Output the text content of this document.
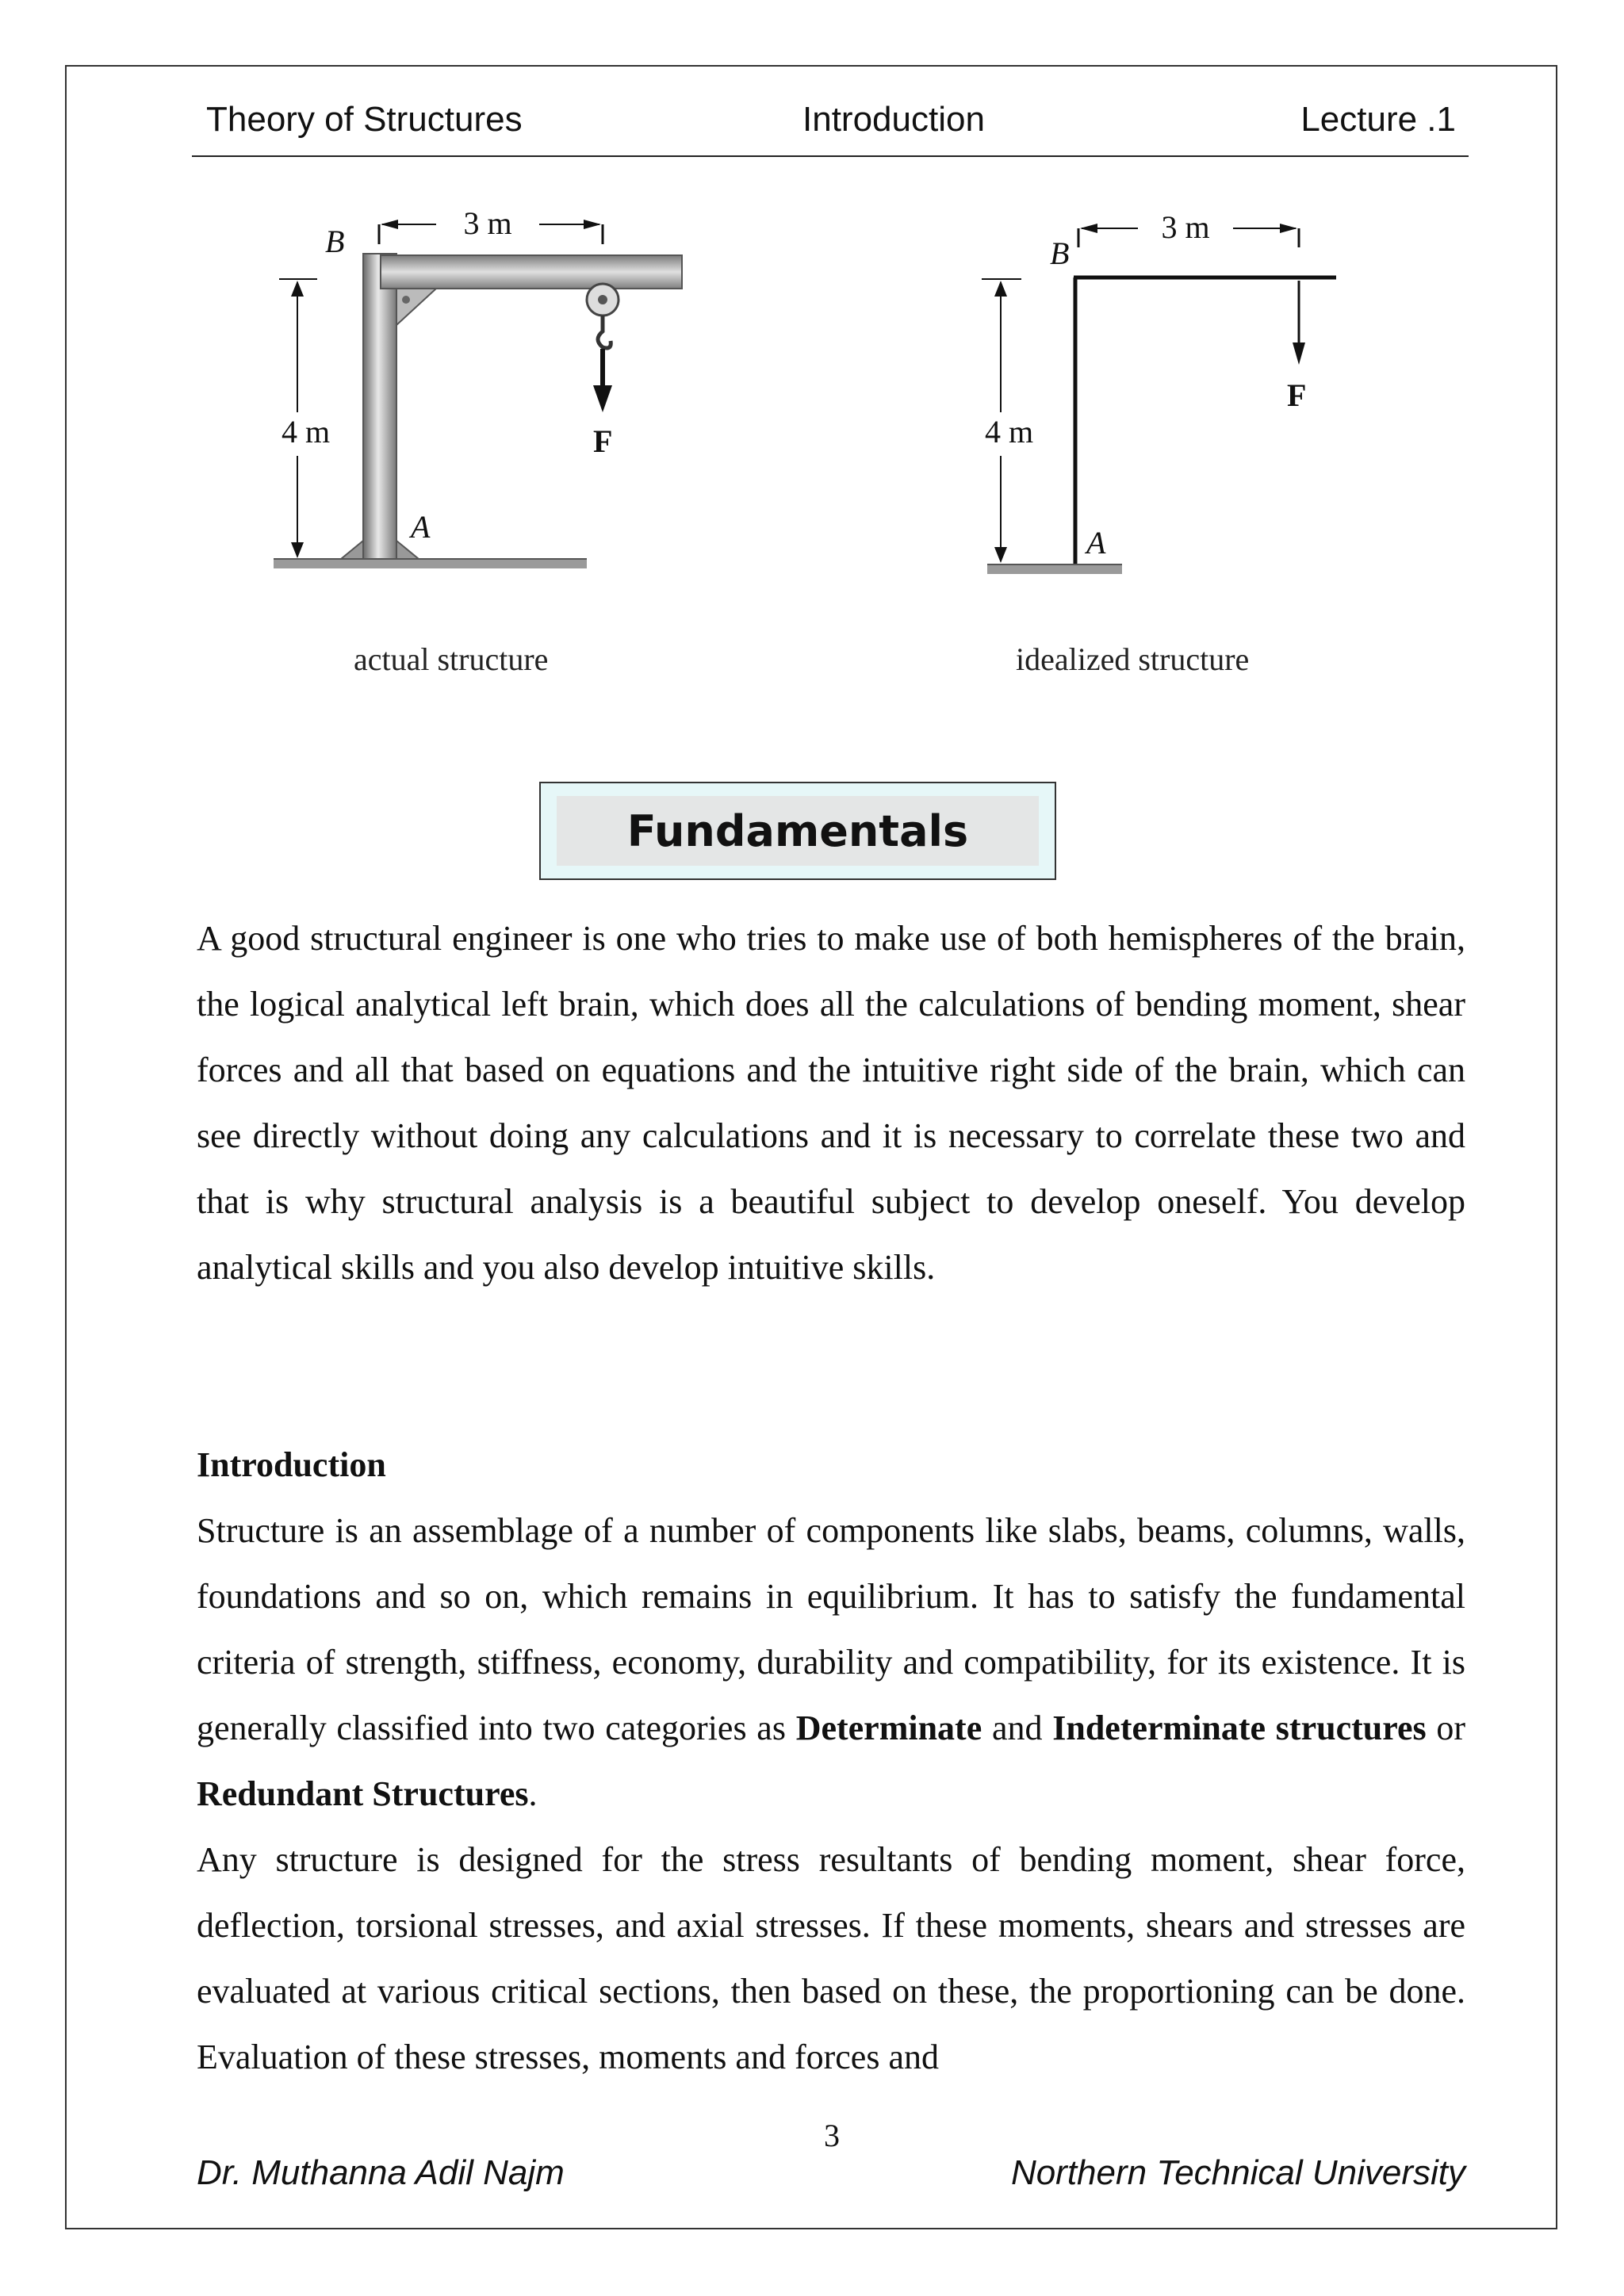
Theory of Structures	Introduction	Lecture .1
3 m
B
F
4 m
A
3 m
B
F
4 m
A
actual structure	idealized structure
Fundamentals

A good structural engineer is one who tries to make use of both hemispheres of the brain, the logical analytical left brain, which does all the calculations of bending moment, shear forces and all that based on equations and the intuitive right side of the brain, which can see directly without doing any calculations and it is necessary to correlate these two and that is why structural analysis is a beautiful subject to develop oneself. You develop analytical skills and you also develop intuitive skills.

Introduction

Structure is an assemblage of a number of components like slabs, beams, columns, walls, foundations and so on, which remains in equilibrium. It has to satisfy the fundamental criteria of strength, stiffness, economy, durability and compatibility, for its existence. It is generally classified into two categories as Determinate and Indeterminate structures or Redundant Structures.

Any structure is designed for the stress resultants of bending moment, shear force, deflection, torsional stresses, and axial stresses. If these moments, shears and stresses are evaluated at various critical sections, then based on these, the proportioning can be done. Evaluation of these stresses, moments and forces and

3
Dr. Muthanna Adil Najm	Northern Technical University
